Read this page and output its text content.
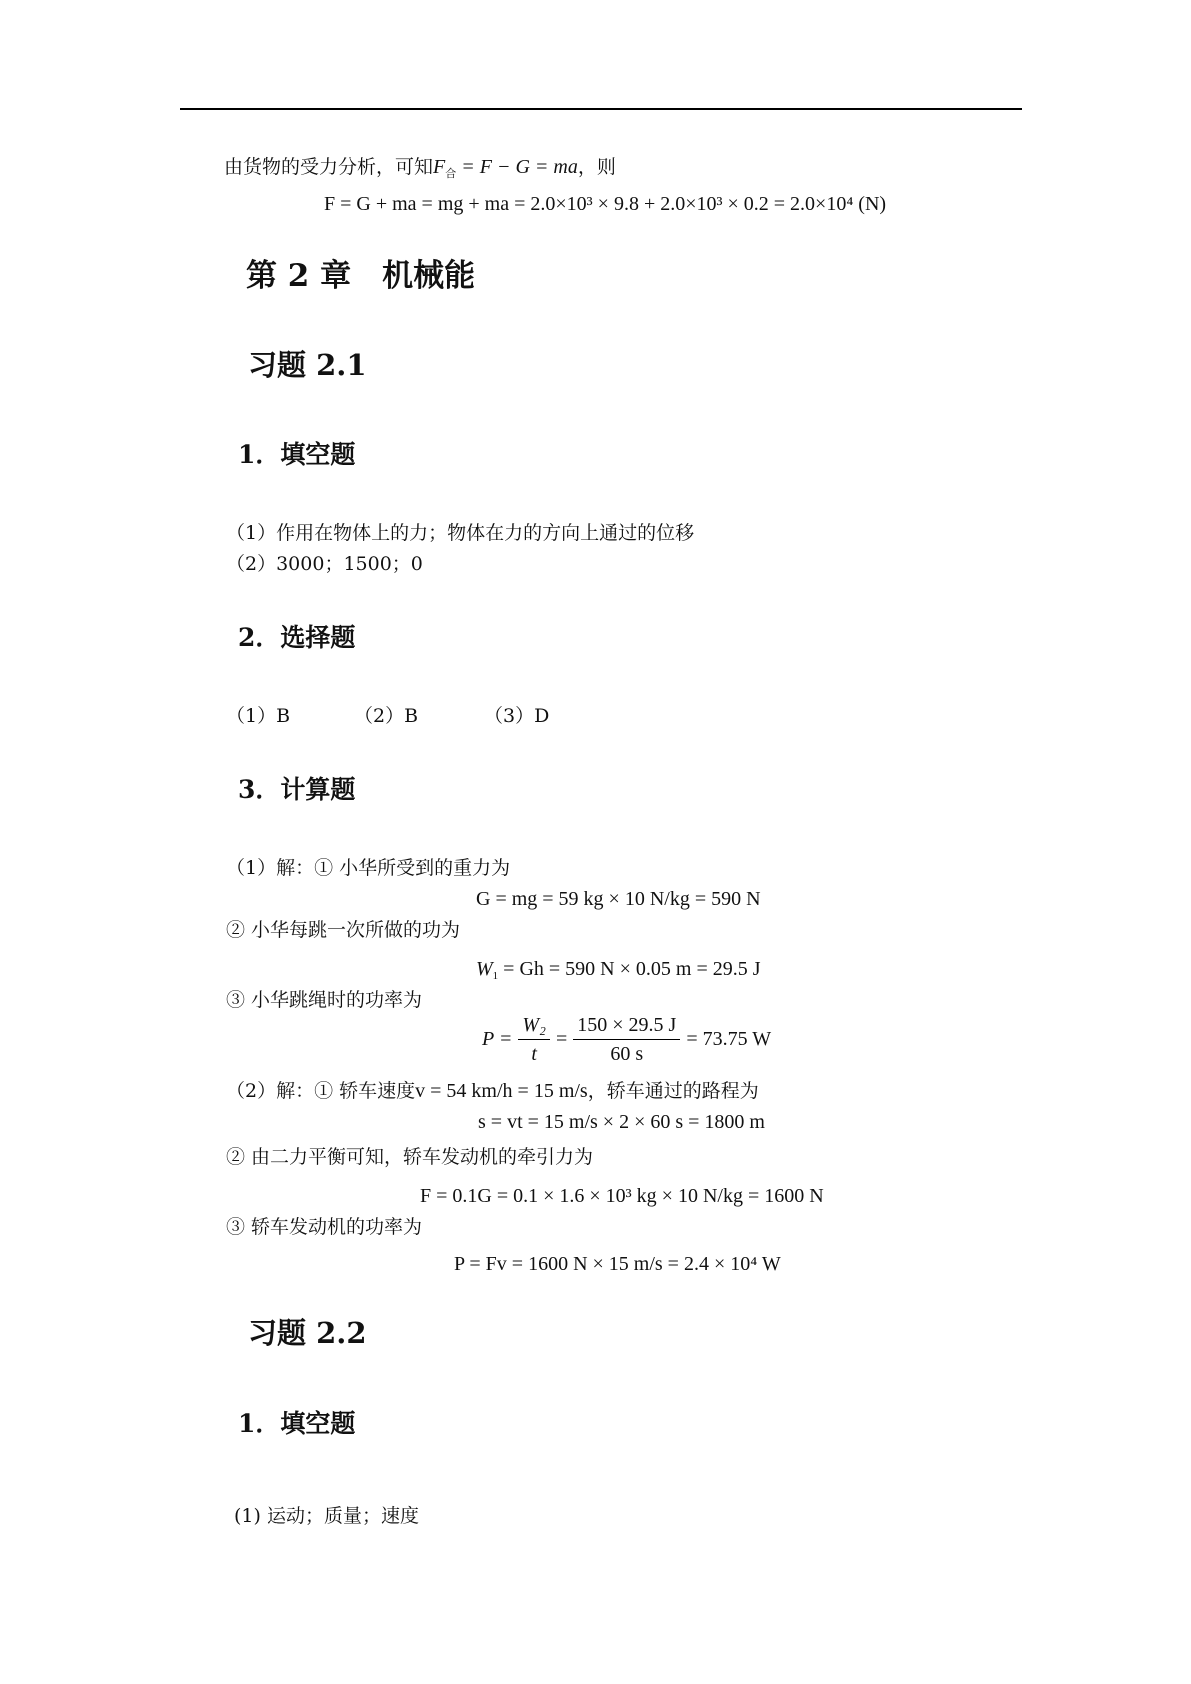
由货物的受力分析，可知$F_合 = F - G$ = ma，则
F = G + ma = mg + ma = 2.0×10³ × 9.8 + 2.0×10³ × 0.2 = 2.0×10⁴ (N)
第 2 章　机械能
习题 2.1
1．填空题
（1）作用在物体上的力；物体在力的方向上通过的位移
（2）3000；1500；0
2．选择题
（1）B	（2）B	（3）D
3．计算题
（1）解：① 小华所受到的重力为
G = mg = 59 kg × 10 N/kg = 590 N
② 小华每跳一次所做的功为
$W_1 = Gh = 590$ N × 0.05 m = 29.5 J
③ 小华跳绳时的功率为
$P = \frac{\text{W₂}}{t} = \frac{150 \times 29.5 J}{60 s} = 73.75$ W
（2）解：① 轿车速度v = 54 km/h = 15 m/s，轿车通过的路程为
s = vt = 15 m/s × 2 × 60 s = 1800 m
② 由二力平衡可知，轿车发动机的牵引力为
F = 0.1G = 0.1 × 1.6 × 10³ kg × 10 N/kg = 1600 N
③ 轿车发动机的功率为
P = Fv = 1600 N × 15 m/s = 2.4 × 10⁴ W
习题 2.2
1．填空题
(1) 运动；质量；速度
